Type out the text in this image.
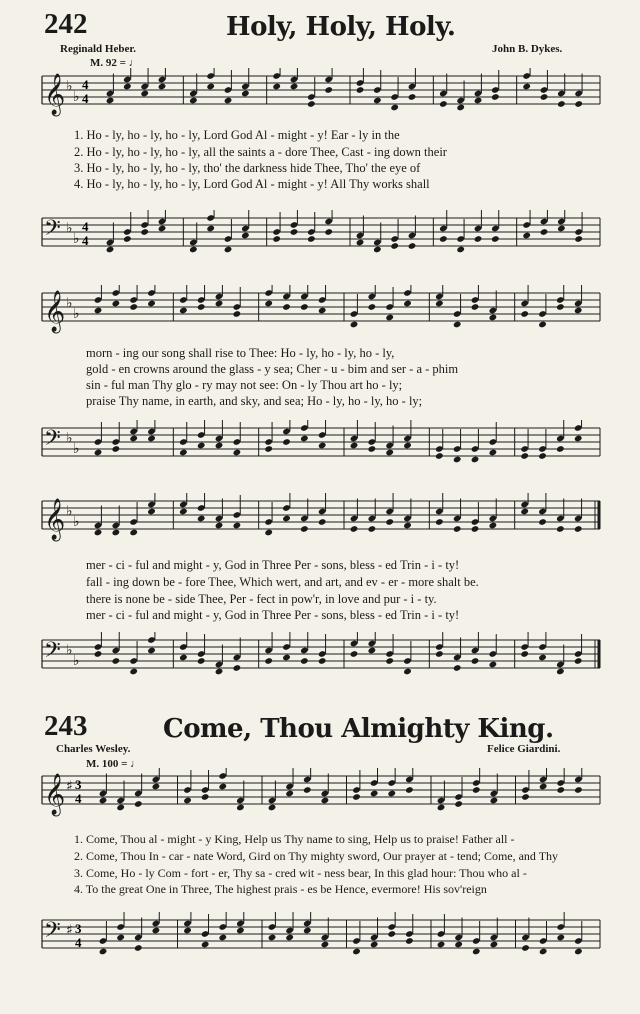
242	Holy, Holy, Holy.
Reginald Heber.	John B. Dykes.
M. 92 = ♩
𝄞 ♭
♭
4
4
1. Ho - ly, ho - ly, ho - ly, Lord God Al - might - y! Ear - ly in the
2. Ho - ly, ho - ly, ho - ly, all the saints a - dore Thee, Cast - ing down their
3. Ho - ly, ho - ly, ho - ly, tho' the darkness hide Thee, Tho' the eye of
4. Ho - ly, ho - ly, ho - ly, Lord God Al - might - y! All Thy works shall
𝄢 ♭
♭
4
4
𝄞 ♭
♭
morn - ing our song shall rise to Thee: Ho - ly, ho - ly, ho - ly,
gold - en crowns around the glass - y sea; Cher - u - bim and ser - a - phim
sin - ful man Thy glo - ry may not see: On - ly Thou art ho - ly;
praise Thy name, in earth, and sky, and sea; Ho - ly, ho - ly, ho - ly;
𝄢 ♭
♭
𝄞 ♭
♭
mer - ci - ful and might - y, God in Three Per - sons, bless - ed Trin - i - ty!
fall - ing down be - fore Thee, Which wert, and art, and ev - er - more shalt be.
there is none be - side Thee, Per - fect in pow'r, in love and pur - i - ty.
mer - ci - ful and might - y, God in Three Per - sons, bless - ed Trin - i - ty!
𝄢 ♭
♭
243	Come, Thou Almighty King.
Charles Wesley.	Felice Giardini.
M. 100 = ♩
𝄞 ♯ 3
4
1. Come, Thou al - might - y King, Help us Thy name to sing, Help us to praise! Father all -
2. Come, Thou In - car - nate Word, Gird on Thy mighty sword, Our prayer at - tend; Come, and Thy
3. Come, Ho - ly Com - fort - er, Thy sa - cred wit - ness bear, In this glad hour: Thou who al -
4. To the great One in Three, The highest prais - es be Hence, evermore! His sov'reign
𝄢 ♯ 3
4
